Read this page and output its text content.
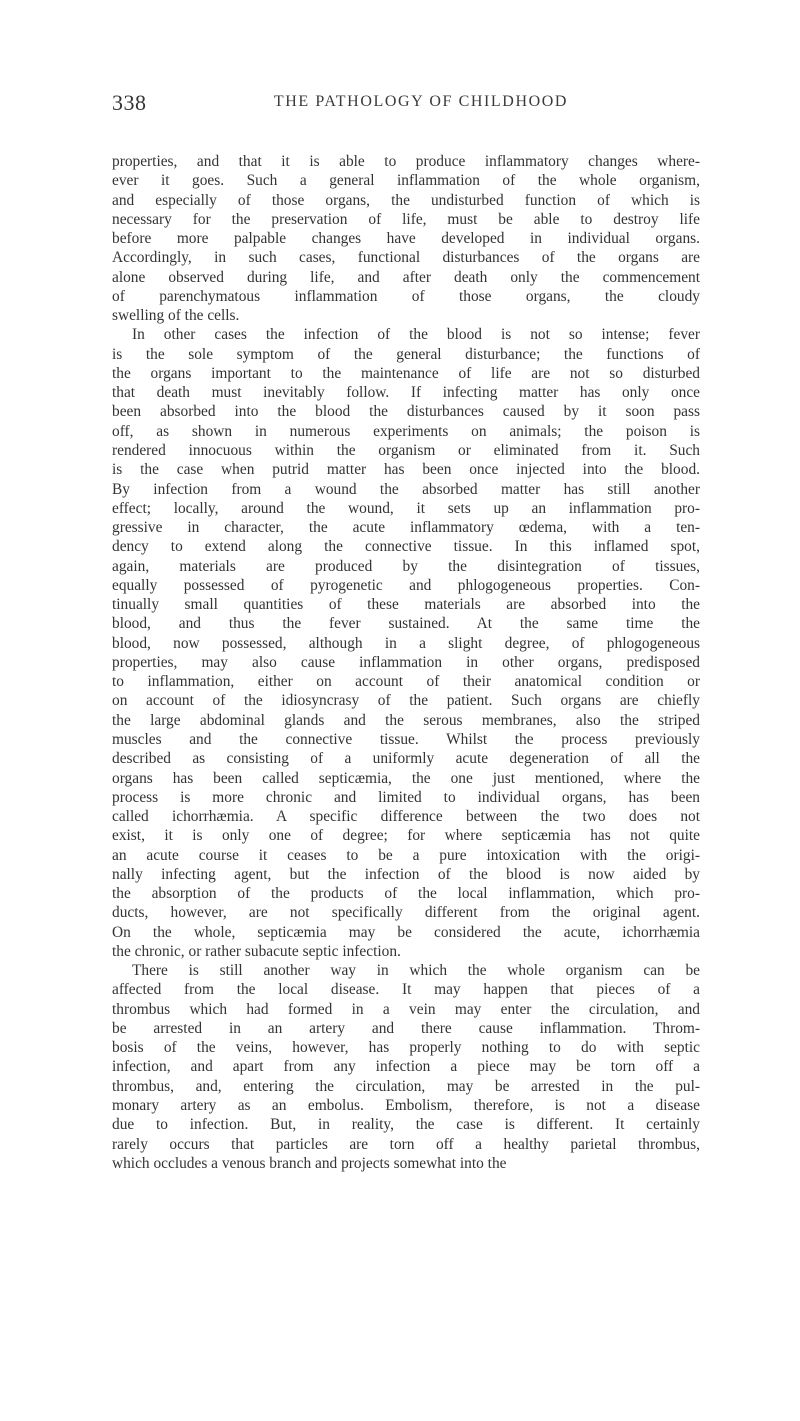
338	THE PATHOLOGY OF CHILDHOOD
properties, and that it is able to produce inflammatory changes where-
ever it goes. Such a general inflammation of the whole organism,
and especially of those organs, the undisturbed function of which is
necessary for the preservation of life, must be able to destroy life
before more palpable changes have developed in individual organs.
Accordingly, in such cases, functional disturbances of the organs are
alone observed during life, and after death only the commencement
of parenchymatous inflammation of those organs, the cloudy
swelling of the cells.
In other cases the infection of the blood is not so intense; fever
is the sole symptom of the general disturbance; the functions of
the organs important to the maintenance of life are not so disturbed
that death must inevitably follow. If infecting matter has only once
been absorbed into the blood the disturbances caused by it soon pass
off, as shown in numerous experiments on animals; the poison is
rendered innocuous within the organism or eliminated from it. Such
is the case when putrid matter has been once injected into the blood.
By infection from a wound the absorbed matter has still another
effect; locally, around the wound, it sets up an inflammation pro-
gressive in character, the acute inflammatory œdema, with a ten-
dency to extend along the connective tissue. In this inflamed spot,
again, materials are produced by the disintegration of tissues,
equally possessed of pyrogenetic and phlogogeneous properties. Con-
tinually small quantities of these materials are absorbed into the
blood, and thus the fever sustained. At the same time the
blood, now possessed, although in a slight degree, of phlogogeneous
properties, may also cause inflammation in other organs, predisposed
to inflammation, either on account of their anatomical condition or
on account of the idiosyncrasy of the patient. Such organs are chiefly
the large abdominal glands and the serous membranes, also the striped
muscles and the connective tissue. Whilst the process previously
described as consisting of a uniformly acute degeneration of all the
organs has been called septicæmia, the one just mentioned, where the
process is more chronic and limited to individual organs, has been
called ichorrhæmia. A specific difference between the two does not
exist, it is only one of degree; for where septicæmia has not quite
an acute course it ceases to be a pure intoxication with the origi-
nally infecting agent, but the infection of the blood is now aided by
the absorption of the products of the local inflammation, which pro-
ducts, however, are not specifically different from the original agent.
On the whole, septicæmia may be considered the acute, ichorrhæmia
the chronic, or rather subacute septic infection.
There is still another way in which the whole organism can be
affected from the local disease. It may happen that pieces of a
thrombus which had formed in a vein may enter the circulation, and
be arrested in an artery and there cause inflammation. Throm-
bosis of the veins, however, has properly nothing to do with septic
infection, and apart from any infection a piece may be torn off a
thrombus, and, entering the circulation, may be arrested in the pul-
monary artery as an embolus. Embolism, therefore, is not a disease
due to infection. But, in reality, the case is different. It certainly
rarely occurs that particles are torn off a healthy parietal thrombus,
which occludes a venous branch and projects somewhat into the
